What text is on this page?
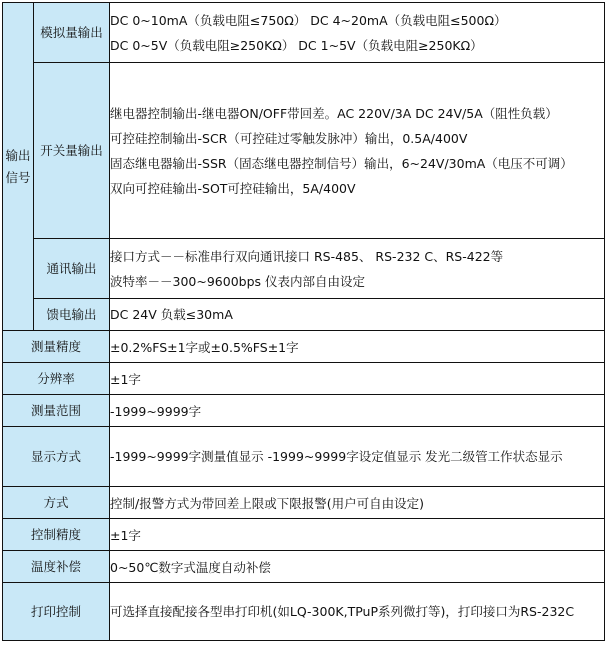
输出信号	模拟量输出	DC 0~10mA（负载电阻≤750Ω） DC 4~20mA（负载电阻≤500Ω）
DC 0~5V（负载电阻≥250KΩ） DC 1~5V（负载电阻≥250KΩ）

	开关量输出	继电器控制输出-继电器ON/OFF带回差。AC 220V/3A DC 24V/5A（阻性负载）
可控硅控制输出-SCR（可控硅过零触发脉冲）输出，0.5A/400V
固态继电器输出-SSR（固态继电器控制信号）输出，6~24V/30mA（电压不可调）
双向可控硅输出-SOT可控硅输出，5A/400V

	通讯输出	接口方式－－标准串行双向通讯接口 RS-485、 RS-232 C、RS-422等
波特率－－300~9600bps 仪表内部自由设定

	馈电输出	DC 24V 负载≤30mA
测量精度	±0.2%FS±1字或±0.5%FS±1字
分辨率	±1字
测量范围	-1999~9999字
显示方式	-1999~9999字测量值显示 -1999~9999字设定值显示 发光二级管工作状态显示

方式	控制/报警方式为带回差上限或下限报警(用户可自由设定)
控制精度	±1字
温度补偿	0~50℃数字式温度自动补偿
打印控制	可选择直接配接各型串打印机(如LQ-300K,TPuP系列微打等)，打印接口为RS-232C
